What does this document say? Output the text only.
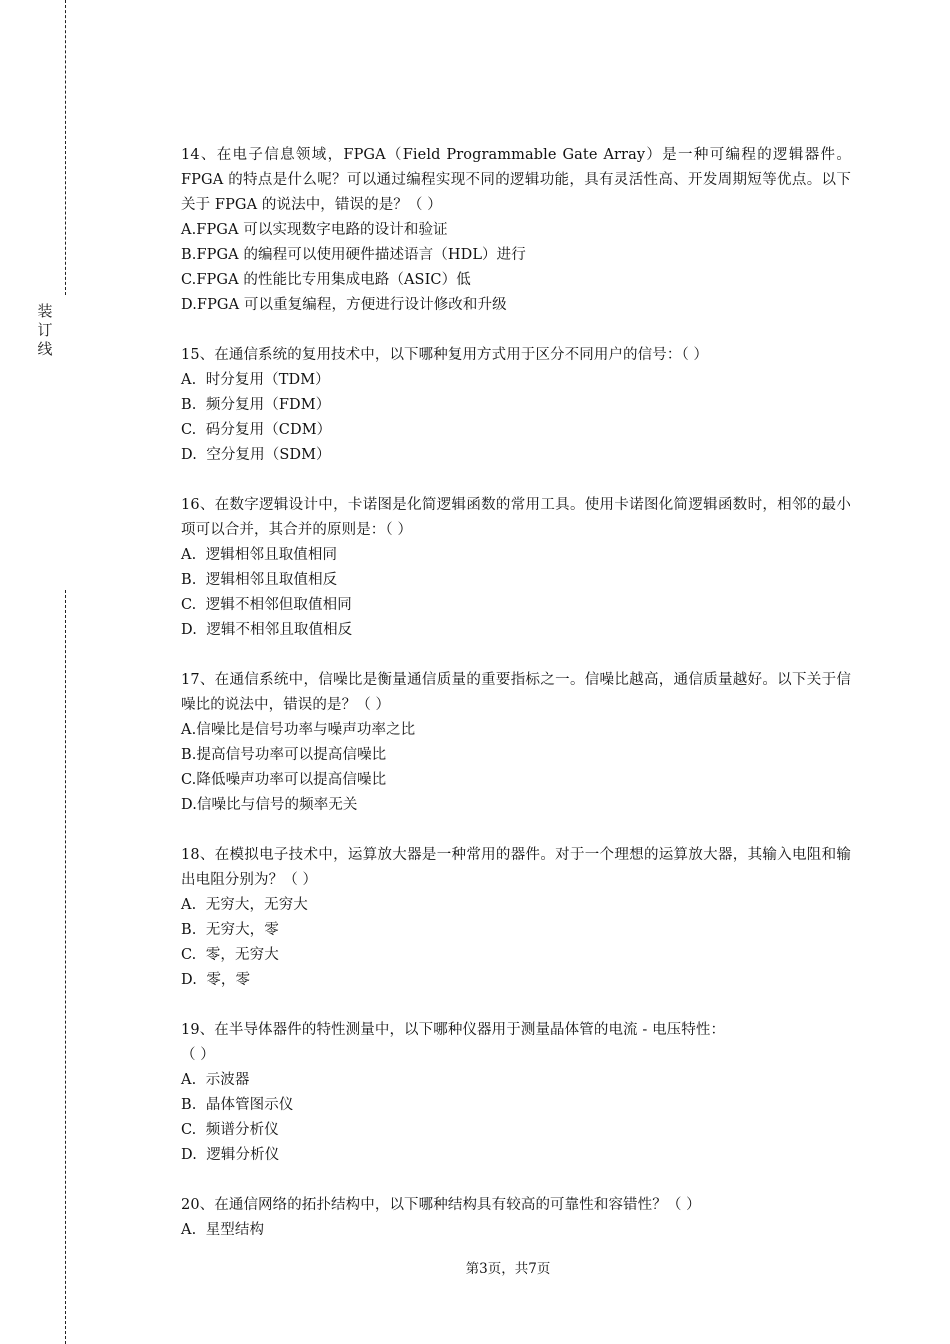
装
订
线

14、在电子信息领域，FPGA（Field Programmable Gate Array）是一种可编程的逻辑器件。FPGA 的特点是什么呢？可以通过编程实现不同的逻辑功能，具有灵活性高、开发周期短等优点。以下关于 FPGA 的说法中，错误的是？（ ）

A.FPGA 可以实现数字电路的设计和验证

B.FPGA 的编程可以使用硬件描述语言（HDL）进行

C.FPGA 的性能比专用集成电路（ASIC）低

D.FPGA 可以重复编程，方便进行设计修改和升级

15、在通信系统的复用技术中，以下哪种复用方式用于区分不同用户的信号：（ ）

A.  时分复用（TDM）

B.  频分复用（FDM）

C.  码分复用（CDM）

D.  空分复用（SDM）

16、在数字逻辑设计中，卡诺图是化简逻辑函数的常用工具。使用卡诺图化简逻辑函数时，相邻的最小项可以合并，其合并的原则是：（ ）

A.  逻辑相邻且取值相同

B.  逻辑相邻且取值相反

C.  逻辑不相邻但取值相同

D.  逻辑不相邻且取值相反

17、在通信系统中，信噪比是衡量通信质量的重要指标之一。信噪比越高，通信质量越好。以下关于信噪比的说法中，错误的是？（ ）

A.信噪比是信号功率与噪声功率之比

B.提高信号功率可以提高信噪比

C.降低噪声功率可以提高信噪比

D.信噪比与信号的频率无关

18、在模拟电子技术中，运算放大器是一种常用的器件。对于一个理想的运算放大器，其输入电阻和输出电阻分别为？（ ）

A.  无穷大，无穷大

B.  无穷大，零

C.  零，无穷大

D.  零，零

19、在半导体器件的特性测量中，以下哪种仪器用于测量晶体管的电流 - 电压特性：

（ ）

A.  示波器

B.  晶体管图示仪

C.  频谱分析仪

D.  逻辑分析仪

20、在通信网络的拓扑结构中，以下哪种结构具有较高的可靠性和容错性？（ ）

A.  星型结构

第3页，共7页
